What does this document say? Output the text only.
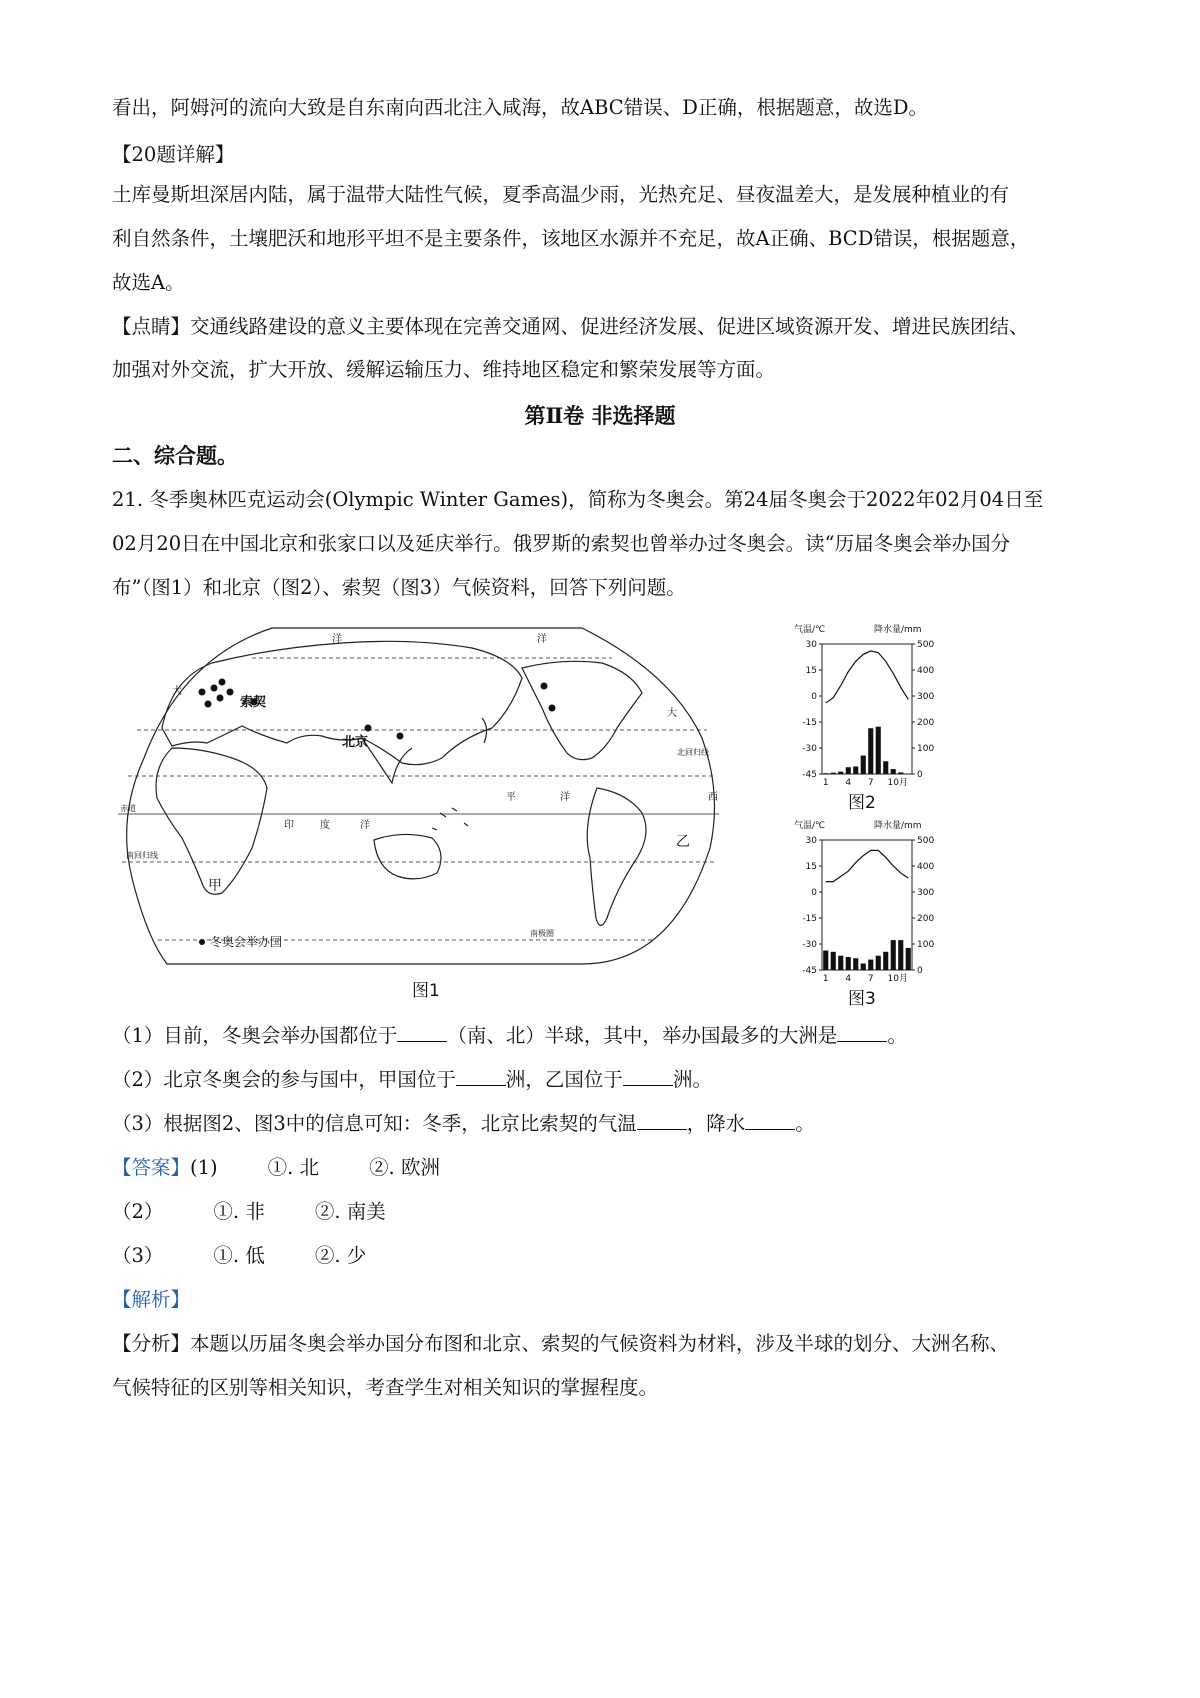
看出，阿姆河的流向大致是自东南向西北注入咸海，故ABC错误、D正确，根据题意，故选D。
【20题详解】
土库曼斯坦深居内陆，属于温带大陆性气候，夏季高温少雨，光热充足、昼夜温差大，是发展种植业的有
利自然条件，土壤肥沃和地形平坦不是主要条件，该地区水源并不充足，故A正确、BCD错误，根据题意，
故选A。
【点睛】交通线路建设的意义主要体现在完善交通网、促进经济发展、促进区域资源开发、增进民族团结、
加强对外交流，扩大开放、缓解运输压力、维持地区稳定和繁荣发展等方面。
第Ⅱ卷 非选择题
二、综合题。
21. 冬季奥林匹克运动会(Olympic Winter Games)，简称为冬奥会。第24届冬奥会于2022年02月04日至
02月20日在中国北京和张家口以及延庆举行。俄罗斯的索契也曾举办过冬奥会。读“历届冬奥会举办国分
布”（图1）和北京（图2）、索契（图3）气候资料，回答下列问题。
北京
索契
甲
乙
北回归线
南回归线
赤道
南极圈
洋	洋
大
大
平	洋	西
印	度	洋
冬奥会举办国
图1
气温/℃	降水量/mm
30
15
0
-15
-30
-45
500
400
300
200
100
0
1 4 7 10 月
图2
气温/℃	降水量/mm
30
15
0
-15
-30
-45
500
400
300
200
100
0
1 4 7 10 月
图3
（1）目前，冬奥会举办国都位于	（南、北）半球，其中，举办国最多的大洲是	。
（2）北京冬奥会的参与国中，甲国位于	洲，乙国位于	洲。
（3）根据图2、图3中的信息可知：冬季，北京比索契的气温	，降水	。
【答案】(1)	①. 北	②. 欧洲
（2）	①. 非	②. 南美
（3）	①. 低	②. 少
【解析】
【分析】本题以历届冬奥会举办国分布图和北京、索契的气候资料为材料，涉及半球的划分、大洲名称、
气候特征的区别等相关知识，考查学生对相关知识的掌握程度。
